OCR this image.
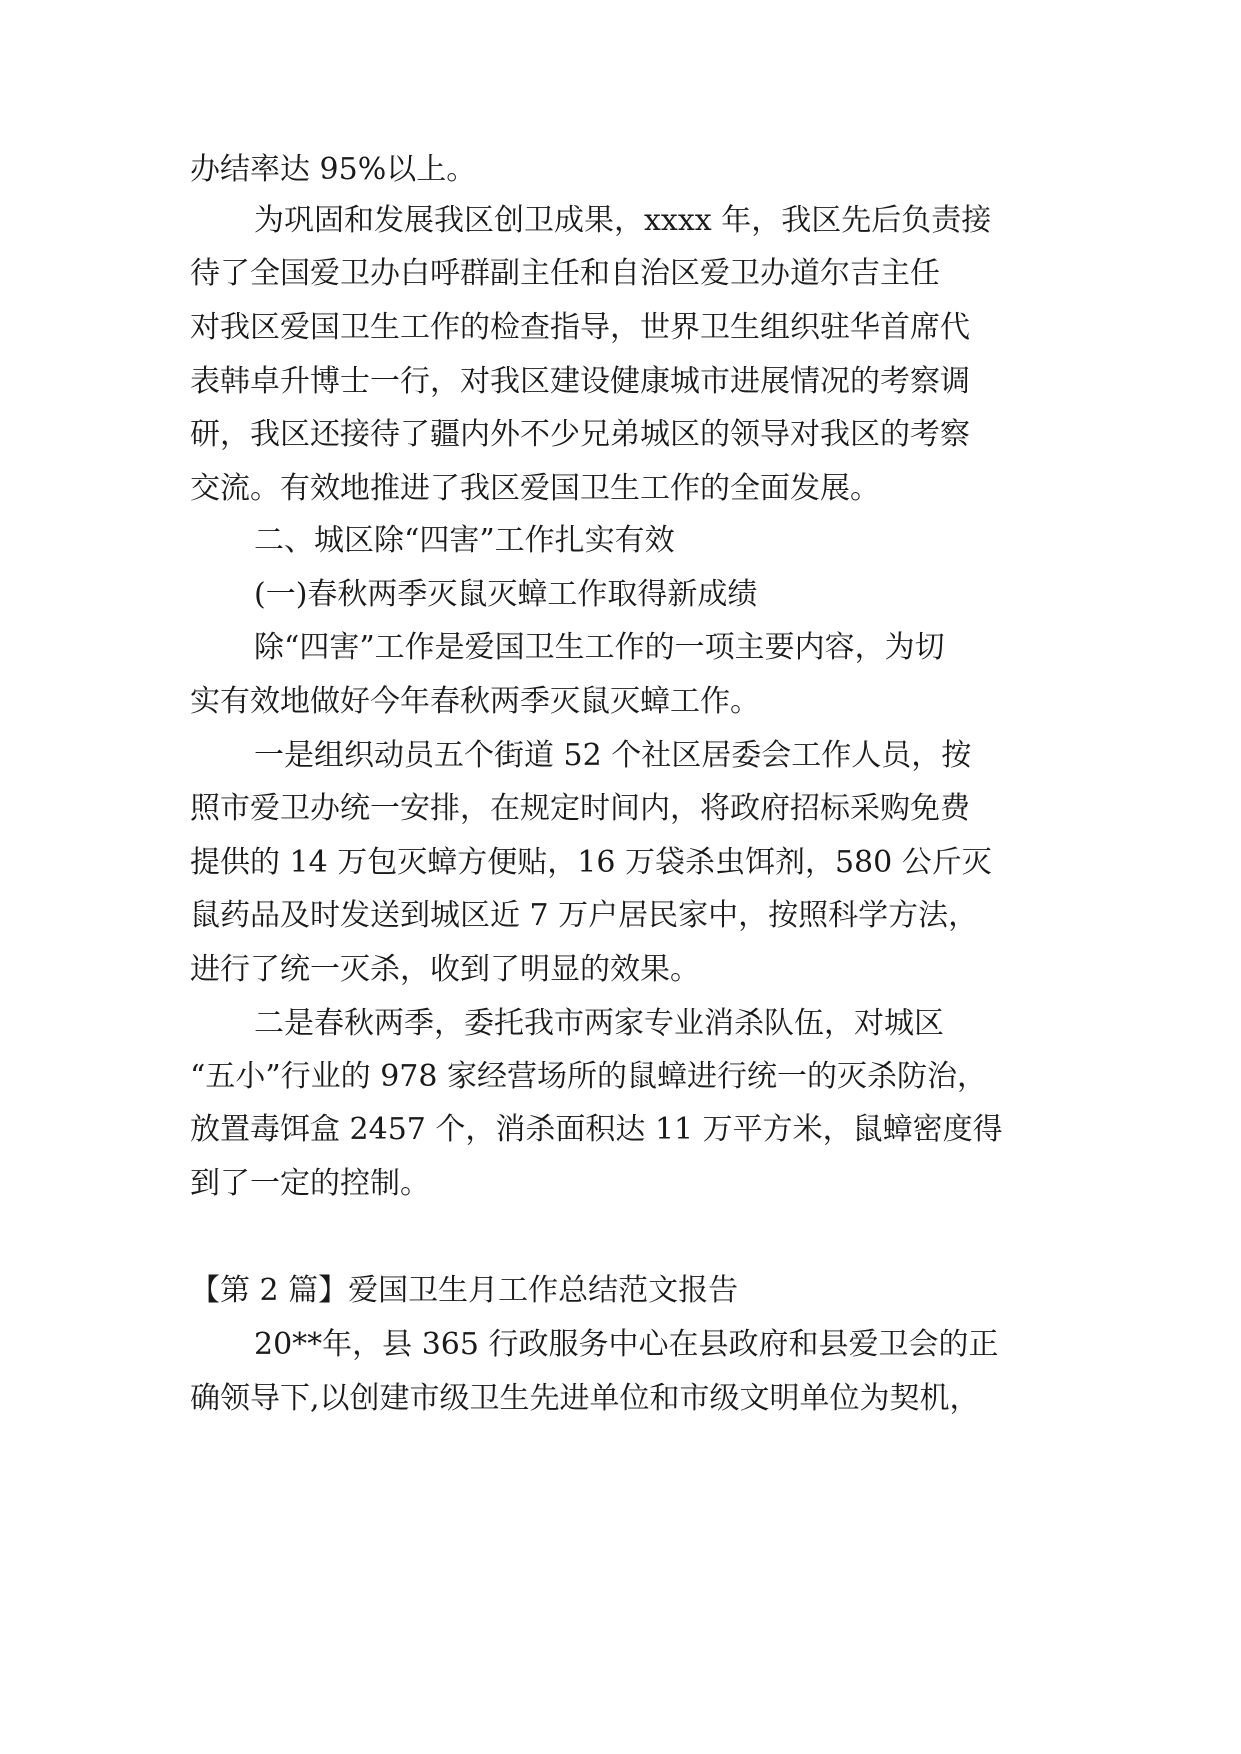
办结率达 95%以上。
为巩固和发展我区创卫成果，xxxx 年，我区先后负责接
待了全国爱卫办白呼群副主任和自治区爱卫办道尔吉主任
对我区爱国卫生工作的检查指导，世界卫生组织驻华首席代
表韩卓升博士一行，对我区建设健康城市进展情况的考察调
研，我区还接待了疆内外不少兄弟城区的领导对我区的考察
交流。有效地推进了我区爱国卫生工作的全面发展。
二、城区除“四害”工作扎实有效
(一)春秋两季灭鼠灭蟑工作取得新成绩
除“四害”工作是爱国卫生工作的一项主要内容，为切
实有效地做好今年春秋两季灭鼠灭蟑工作。
一是组织动员五个街道 52 个社区居委会工作人员，按
照市爱卫办统一安排，在规定时间内，将政府招标采购免费
提供的 14 万包灭蟑方便贴，16 万袋杀虫饵剂，580 公斤灭
鼠药品及时发送到城区近 7 万户居民家中，按照科学方法，
进行了统一灭杀，收到了明显的效果。
二是春秋两季，委托我市两家专业消杀队伍，对城区
“五小”行业的 978 家经营场所的鼠蟑进行统一的灭杀防治，
放置毒饵盒 2457 个，消杀面积达 11 万平方米，鼠蟑密度得
到了一定的控制。
【第 2 篇】爱国卫生月工作总结范文报告
20**年，县 365 行政服务中心在县政府和县爱卫会的正
确领导下,以创建市级卫生先进单位和市级文明单位为契机，
